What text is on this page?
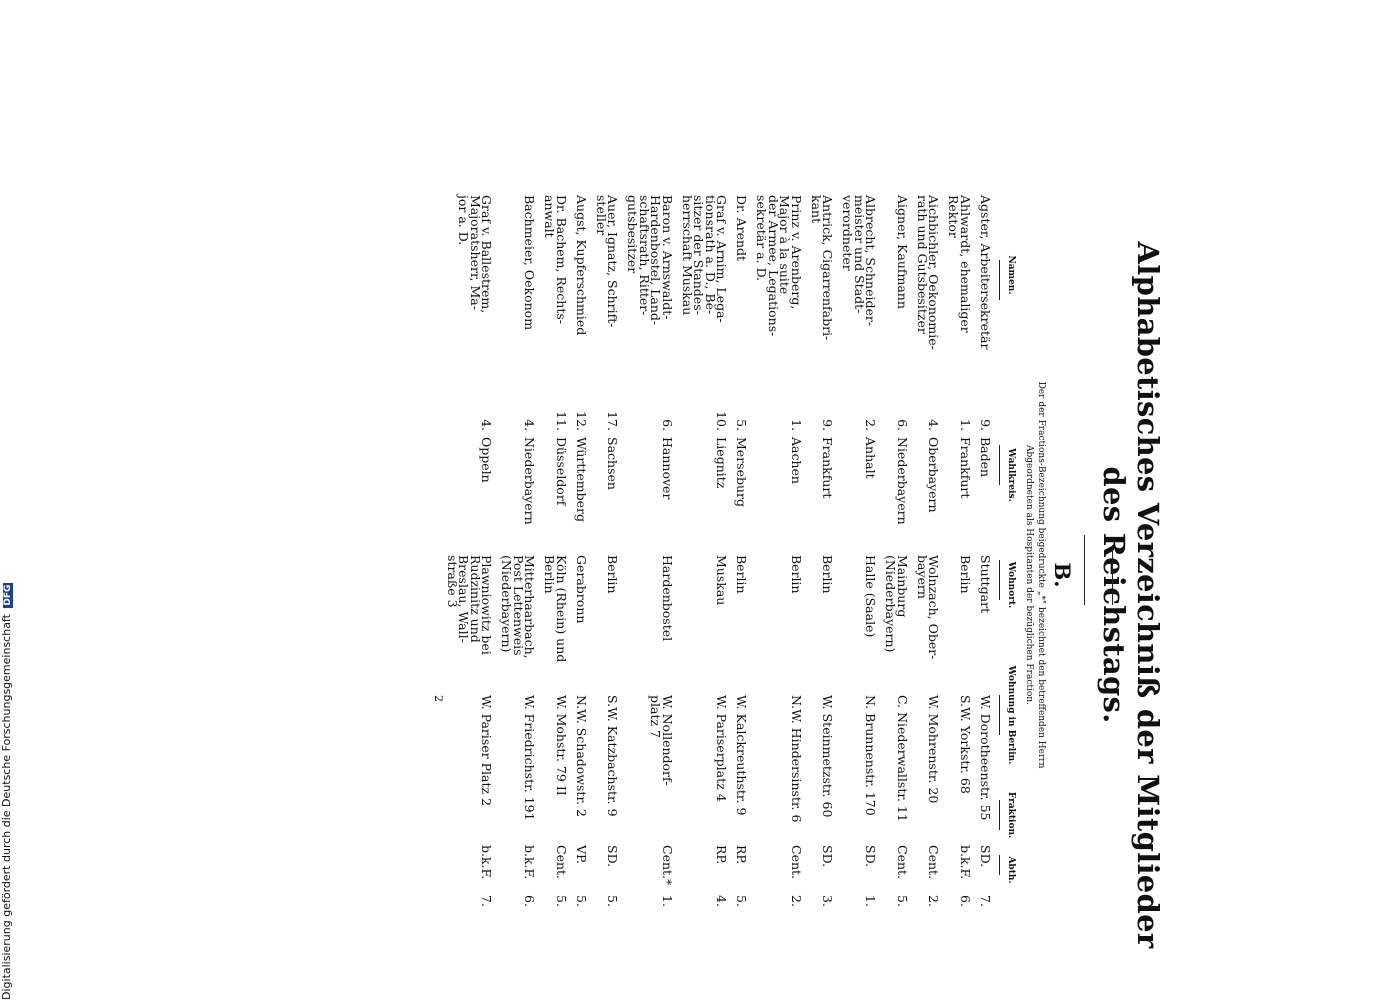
Alphabetisches Verzeichniß der Mitglieder des Reichstags.
B.
Der der Fractions-Bezeichnung beigedruckte „*" bezeichnet den betreffenden Herrn Abgeordneten als Hospitanten der bezüglichen Fraction.
Namen.
Wahlkreis.
Wohnort.
Wohnung in Berlin.
Fraktion.
Abth.
Agster, Arbeitersekretär
9.
Baden
Stuttgart
W. Dorotheenstr. 55
SD.
7.
Ahlwardt, ehemaliger
Rektor
1.
Frankfurt
Berlin
S.W. Yorkstr. 68
b.k.F.
6.
Aichbichler, Oekonomie-
rath und Gutsbesitzer
4.
Oberbayern
Wolnzach, Ober-
bayern
W. Mohrenstr. 20
Cent.
2.
Aigner, Kaufmann
6.
Niederbayern
Mainburg
(Niederbayern)
C. Niederwallstr. 11
Cent.
5.
Albrecht, Schneider-
meister und Stadt-
verordneter
2.
Anhalt
Halle (Saale)
N. Brunnenstr. 170
SD.
1.
Antrick, Cigarrenfabri-
kant
9.
Frankfurt
Berlin
W. Steinmetzstr. 60
SD.
3.
Prinz v. Arenberg,
Major à la suite
der Armee, Legations-
sekretär a. D.
1.
Aachen
Berlin
N.W. Hindersinstr. 6
Cent.
2.
Dr. Arendt
5.
Merseburg
Berlin
W. Kalckreuthstr. 9
RP.
5.
Graf v. Arnim, Lega-
tionsrath a. D., Be-
sitzer der Standes-
herrschaft Muskau
10.
Liegnitz
Muskau
W. Pariserplatz 4
RP.
4.
Baron v. Arnswaldt-
Hardenbostel, Land-
schaftsrath, Ritter-
gutsbesitzer
6.
Hannover
Hardenbostel
W. Nollendorf-
platz 7
Cent.*
1.
Auer, Ignatz, Schrift-
steller
17.
Sachsen
Berlin
S.W. Katzbachstr. 9
SD.
5.
Augst, Kupferschmied
12.
Württemberg
Gerabronn
N.W. Schadowstr. 2
VP.
5.
Dr. Bachem, Rechts-
anwalt
11.
Düsseldorf
Köln (Rhein) und
Berlin
W. Mohstr. 79 II
Cent.
5.
Bachmeier, Oekonom
4.
Niederbayern
Mitterhaarbach,
Post Lettenweis
(Niederbayern)
W. Friedrichstr. 191
b.k.F.
6.
Graf v. Ballestrem,
Majoratsherr, Ma-
jor a. D.
4.
Oppeln
Plawniowitz bei
Rudzinitz und
Breslau, Wall-
straße 3
W. Pariser Platz 2
b.k.F.
7.
2
Digitalisierung gefördert durch die Deutsche Forschungsgemeinschaft DFG
